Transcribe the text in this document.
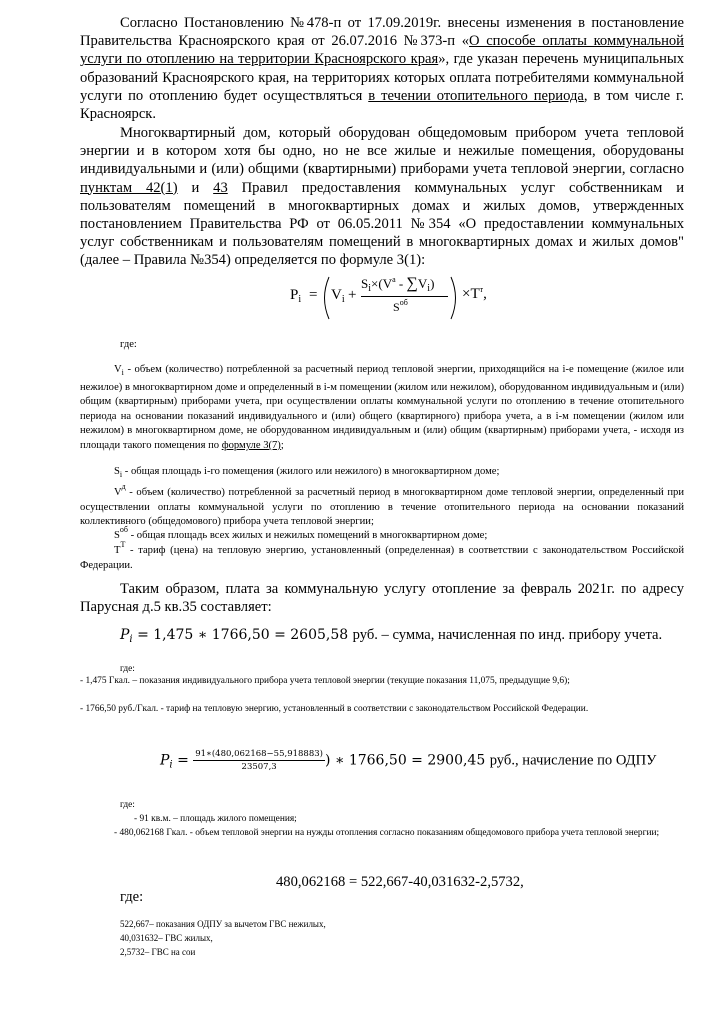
Согласно Постановлению №478-п от 17.09.2019г. внесены изменения в постановление Правительства Красноярского края от 26.07.2016 №373-п «О способе оплаты коммунальной услуги по отоплению на территории Красноярского края», где указан перечень муниципальных образований Красноярского края, на территориях которых оплата потребителями коммунальной услуги по отоплению будет осуществляться в течении отопительного периода, в том числе г. Красноярск.

Многоквартирный дом, который оборудован общедомовым прибором учета тепловой энергии и в котором хотя бы одно, но не все жилые и нежилые помещения, оборудованы индивидуальными и (или) общими (квартирными) приборами учета тепловой энергии, согласно пунктам 42(1) и 43 Правил предоставления коммунальных услуг собственникам и пользователям помещений в многоквартирных домах и жилых домов, утвержденных постановлением Правительства РФ от 06.05.2011 №354 «О предоставлении коммунальных услуг собственникам и пользователям помещений в многоквартирных домах и жилых домов" (далее – Правила №354) определяется по формуле 3(1):

$P_i = V_i$ +
$S_i\times(V^а - \sum V_i)$
$S^{об}$
$\times T^т$,

где:

$V_i$ - объем (количество) потребленной за расчетный период тепловой энергии, приходящийся на i-е помещение (жилое или нежилое) в многоквартирном доме и определенный в i-м помещении (жилом или нежилом), оборудованном индивидуальным и (или) общим (квартирным) приборами учета, при осуществлении оплаты коммунальной услуги по отоплению в течение отопительного периода на основании показаний индивидуального и (или) общего (квартирного) прибора учета, а в i-м помещении (жилом или нежилом) в многоквартирном доме, не оборудованном индивидуальным и (или) общим (квартирным) приборами учета, - исходя из площади такого помещения по формуле 3(7);

$S_i$ - общая площадь i-го помещения (жилого или нежилого) в многоквартирном доме;

$V^д$ - объем (количество) потребленной за расчетный период в многоквартирном доме тепловой энергии, определенный при осуществлении оплаты коммунальной услуги по отоплению в течение отопительного периода на основании показаний коллективного (общедомового) прибора учета тепловой энергии;

$S^{об}$ - общая площадь всех жилых и нежилых помещений в многоквартирном доме;

$T^T$ - тариф (цена) на тепловую энергию, установленный (определенная) в соответствии с законодательством Российской Федерации.

Таким образом, плата за коммунальную услугу отопление за февраль 2021г. по адресу Парусная д.5 кв.35 составляет:

$P_i = 1,475$ ∗ 1766,50 = 2605,58 руб. – сумма, начисленная по инд. прибору учета.

где:

- 1,475 Гкал. – показания индивидуального прибора учета тепловой энергии (текущие показания 11,075, предыдущие 9,6);

- 1766,50 руб./Гкал. - тариф на тепловую энергию, установленный в соответствии с законодательством Российской Федерации.

$P_i = \frac{91∗(480,062168-55,918883)}{23507,3}$ ) ∗ 1766,50 = 2900,45 руб., начисление по ОДПУ

где:

- 91 кв.м. – площадь жилого помещения;

- 480,062168 Гкал. - объем тепловой энергии на нужды отопления согласно показаниям общедомового прибора учета тепловой энергии;

480,062168 = 522,667-40,031632-2,5732,

где:

522,667– показания ОДПУ за вычетом ГВС нежилых,
40,031632– ГВС жилых,
2,5732– ГВС на сои
